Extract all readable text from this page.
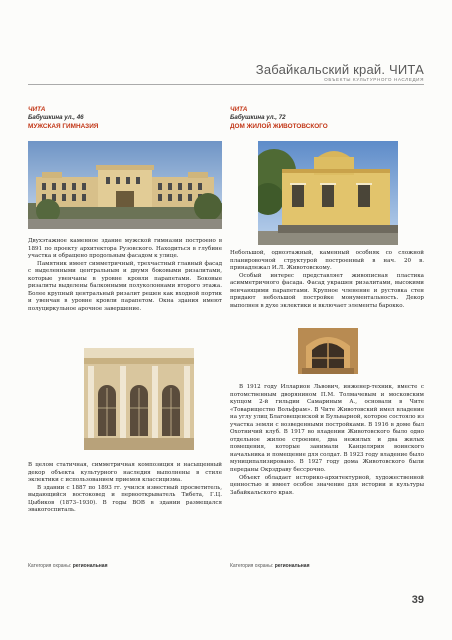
Забайкальский край. ЧИТА
ОБЪЕКТЫ КУЛЬТУРНОГО НАСЛЕДИЯ
ЧИТА
Бабушкина ул., 46
МУЖСКАЯ ГИМНАЗИЯ

Двухэтажное каменное здание мужской гимназии построено в 1891 по проекту архитектора Рузовского. Находиться в глубине участка и обращено продольным фасадом к улице.

Памятник имеет симметричный, трехчастный главный фасад с выделенными центральным и двумя боковыми ризалитами, которые увенчаны в уровне кровли парапетами. Боковые ризалиты выделены балконными полуколоннами второго этажа. Более крупный центральный ризалит решен как входной портик и увенчан в уровне кровли парапетом. Окна здания имеют полуциркульное арочное завершение.

В целом статичная, симметричная композиция и насыщенный декор объекта культурного наследия выполнены в стиле эклектики с использованием приемов классицизма.

В здании с 1887 по 1893 гг. учился известный просветитель, выдающийся востоковед и первооткрыватель Тибета, Г.Ц. Цыбиков (1873–1930). В годы ВОВ в здании размещался эвакогоспиталь.

Категория охраны: региональная
ЧИТА
Бабушкина ул., 72
ДОМ ЖИЛОЙ ЖИВОТОВСКОГО

Небольшой, одноэтажный, каменный особняк со сложной планировочной структурой построенный в нач. 20 в. принадлежал И.Л. Животовскому.

Особый интерес представляет живописная пластика асимметричного фасада. Фасад украшен ризалитами, высокими венчающими парапетами. Крупное членение и рустовка стен придают небольшой постройке монументальность. Декор выполнен в духе эклектики и включает элементы барокко.

В 1912 году Илларион Львович, инженер-техник, вместе с потомственным дворянином П.М. Толмачевым и московским купцом 2-й гильдии Самариным А., основали в Чите «Товарищество Вольфрам». В Чите Животовский имел владение на углу улиц Благовещенской и Бульварной, которое состояло из участка земли с возведенными постройками. В 1916 в доме был Охотничий клуб. В 1917 во владении Животовского было одно отдельное жилое строение, два нежилых и два жилых помещения, которые занимали Канцелярия воинского начальника и помещение для солдат. В 1923 году владение было муниципализировано. В 1927 году дома Животовского были переданы Окрздраву бессрочно.

Объект обладает историко-архитектурной, художественной ценностью и имеет особое значение для истории и культуры Забайкальского края.

Категория охраны: региональная
39
